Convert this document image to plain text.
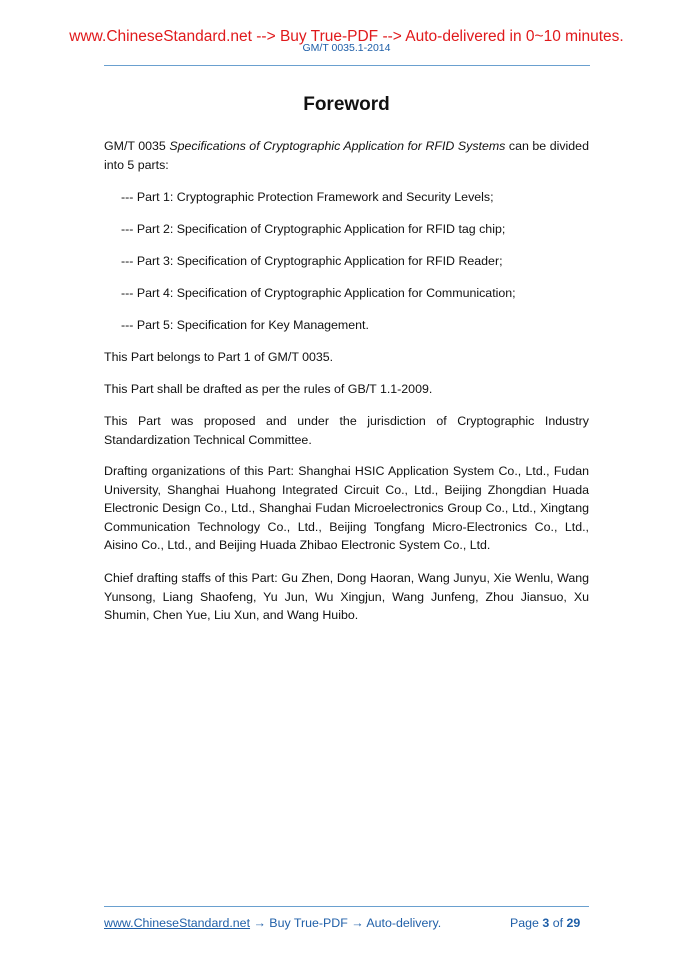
www.ChineseStandard.net --> Buy True-PDF --> Auto-delivered in 0~10 minutes.
GM/T 0035.1-2014
Foreword

GM/T 0035 Specifications of Cryptographic Application for RFID Systems can be divided into 5 parts:

--- Part 1: Cryptographic Protection Framework and Security Levels;

--- Part 2: Specification of Cryptographic Application for RFID tag chip;

--- Part 3: Specification of Cryptographic Application for RFID Reader;

--- Part 4: Specification of Cryptographic Application for Communication;

--- Part 5: Specification for Key Management.

This Part belongs to Part 1 of GM/T 0035.

This Part shall be drafted as per the rules of GB/T 1.1-2009.

This Part was proposed and under the jurisdiction of Cryptographic Industry Standardization Technical Committee.

Drafting organizations of this Part: Shanghai HSIC Application System Co., Ltd., Fudan University, Shanghai Huahong Integrated Circuit Co., Ltd., Beijing Zhongdian Huada Electronic Design Co., Ltd., Shanghai Fudan Microelectronics Group Co., Ltd., Xingtang Communication Technology Co., Ltd., Beijing Tongfang Micro-Electronics Co., Ltd., Aisino Co., Ltd., and Beijing Huada Zhibao Electronic System Co., Ltd.

Chief drafting staffs of this Part: Gu Zhen, Dong Haoran, Wang Junyu, Xie Wenlu, Wang Yunsong, Liang Shaofeng, Yu Jun, Wu Xingjun, Wang Junfeng, Zhou Jiansuo, Xu Shumin, Chen Yue, Liu Xun, and Wang Huibo.

www.ChineseStandard.net → Buy True-PDF → Auto-delivery.	Page 3 of 29
